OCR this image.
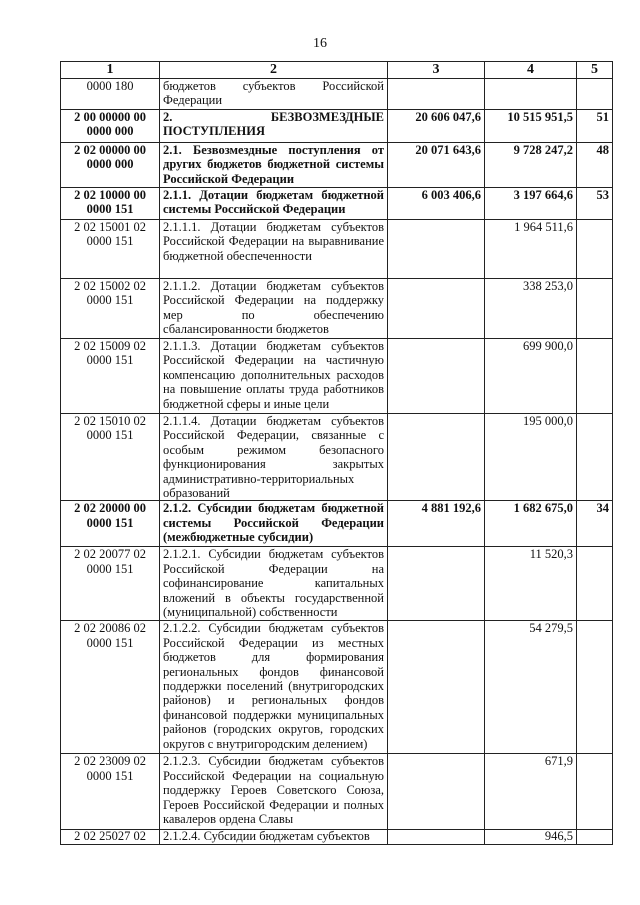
16
1	2	3	4	5
0000 180	бюджетов субъектов Российской Федерации			
2 00 00000 00 0000 000	2. БЕЗВОЗМЕЗДНЫЕ ПОСТУПЛЕНИЯ	20 606 047,6	10 515 951,5	51
2 02 00000 00 0000 000	2.1. Безвозмездные поступления от других бюджетов бюджетной системы Российской Федерации	20 071 643,6	9 728 247,2	48
2 02 10000 00 0000 151	2.1.1. Дотации бюджетам бюджетной системы Российской Федерации	6 003 406,6	3 197 664,6	53
2 02 15001 02 0000 151	2.1.1.1. Дотации бюджетам субъектов Российской Федерации на выравнивание бюджетной обеспеченности		1 964 511,6	
2 02 15002 02 0000 151	2.1.1.2. Дотации бюджетам субъектов Российской Федерации на поддержку мер по обеспечению сбалансированности бюджетов		338 253,0	
2 02 15009 02 0000 151	2.1.1.3. Дотации бюджетам субъектов Российской Федерации на частичную компенсацию дополнительных расходов на повышение оплаты труда работников бюджетной сферы и иные цели		699 900,0	
2 02 15010 02 0000 151	2.1.1.4. Дотации бюджетам субъектов Российской Федерации, связанные с особым режимом безопасного функционирования закрытых административно-территориальных образований		195 000,0	
2 02 20000 00 0000 151	2.1.2. Субсидии бюджетам бюджетной системы Российской Федерации (межбюджетные субсидии)	4 881 192,6	1 682 675,0	34
2 02 20077 02 0000 151	2.1.2.1. Субсидии бюджетам субъектов Российской Федерации на софинансирование капитальных вложений в объекты государственной (муниципальной) собственности		11 520,3	
2 02 20086 02 0000 151	2.1.2.2. Субсидии бюджетам субъектов Российской Федерации из местных бюджетов для формирования региональных фондов финансовой поддержки поселений (внутригородских районов) и региональных фондов финансовой поддержки муниципальных районов (городских округов, городских округов с внутригородским делением)		54 279,5	
2 02 23009 02 0000 151	2.1.2.3. Субсидии бюджетам субъектов Российской Федерации на социальную поддержку Героев Советского Союза, Героев Российской Федерации и полных кавалеров ордена Славы		671,9	
2 02 25027 02	2.1.2.4. Субсидии бюджетам субъектов		946,5	
